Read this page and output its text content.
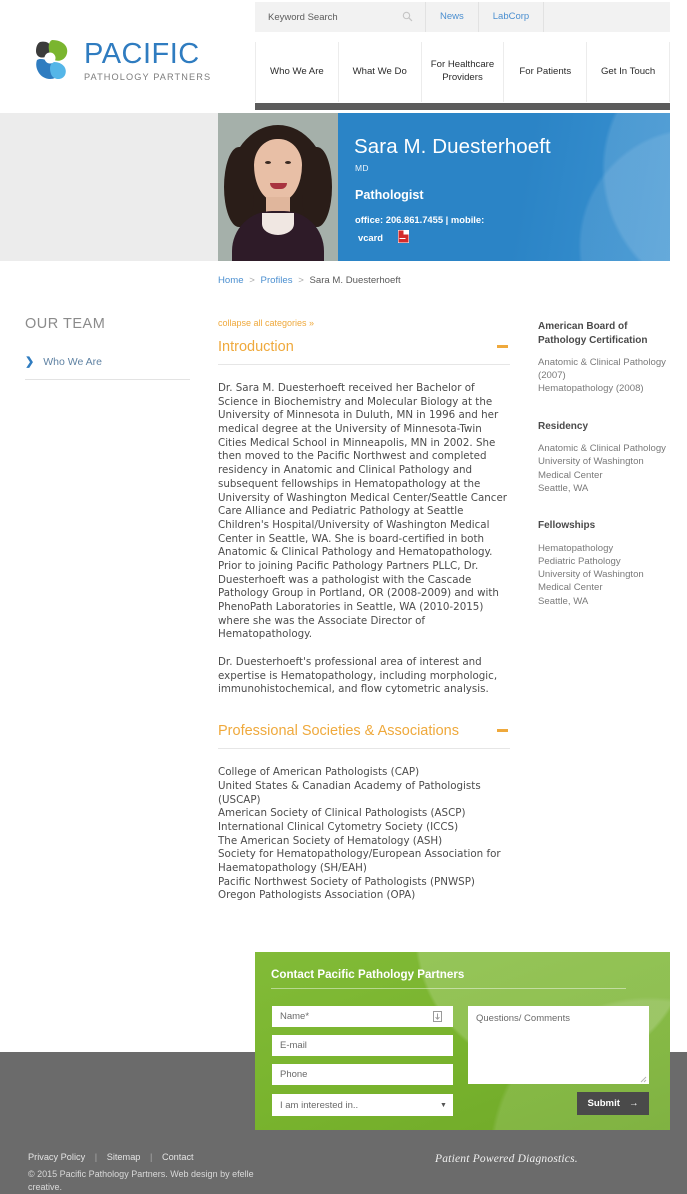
PACIFIC
PATHOLOGY PARTNERS
Keyword Search
News	LabCorp
Who We Are	What We Do
For Healthcare Providers
For Patients	Get In Touch
Sara M. Duesterhoeft
MD
Pathologist
office: 206.861.7455 | mobile:
vcard
Home > Profiles > Sara M. Duesterhoeft
OUR TEAM
❯ Who We Are
collapse all categories »
Introduction

Dr. Sara M. Duesterhoeft received her Bachelor of Science in Biochemistry and Molecular Biology at the University of Minnesota in Duluth, MN in 1996 and her medical degree at the University of Minnesota-Twin Cities Medical School in Minneapolis, MN in 2002. She then moved to the Pacific Northwest and completed residency in Anatomic and Clinical Pathology and subsequent fellowships in Hematopathology at the University of Washington Medical Center/Seattle Cancer Care Alliance and Pediatric Pathology at Seattle Children's Hospital/University of Washington Medical Center in Seattle, WA. She is board-certified in both Anatomic & Clinical Pathology and Hematopathology. Prior to joining Pacific Pathology Partners PLLC, Dr. Duesterhoeft was a pathologist with the Cascade Pathology Group in Portland, OR (2008-2009) and with PhenoPath Laboratories in Seattle, WA (2010-2015) where she was the Associate Director of Hematopathology.

Dr. Duesterhoeft's professional area of interest and expertise is Hematopathology, including morphologic, immunohistochemical, and flow cytometric analysis.

Professional Societies & Associations
College of American Pathologists (CAP)
United States & Canadian Academy of Pathologists (USCAP)
American Society of Clinical Pathologists (ASCP)
International Clinical Cytometry Society (ICCS)
The American Society of Hematology (ASH)
Society for Hematopathology/European Association for Haematopathology (SH/EAH)
Pacific Northwest Society of Pathologists (PNWSP)
Oregon Pathologists Association (OPA)
American Board of Pathology Certification
Anatomic & Clinical Pathology (2007)
Hematopathology (2008)
Residency
Anatomic & Clinical Pathology
University of Washington Medical Center
Seattle, WA
Fellowships
Hematopathology
Pediatric Pathology
University of Washington Medical Center
Seattle, WA
Privacy Policy | Sitemap | Contact
© 2015 Pacific Pathology Partners. Web design by efelle creative.
Patient Powered Diagnostics.
Contact Pacific Pathology Partners
Name*
E-mail
Phone
I am interested in..
▼
Questions/ Comments	Submit →
